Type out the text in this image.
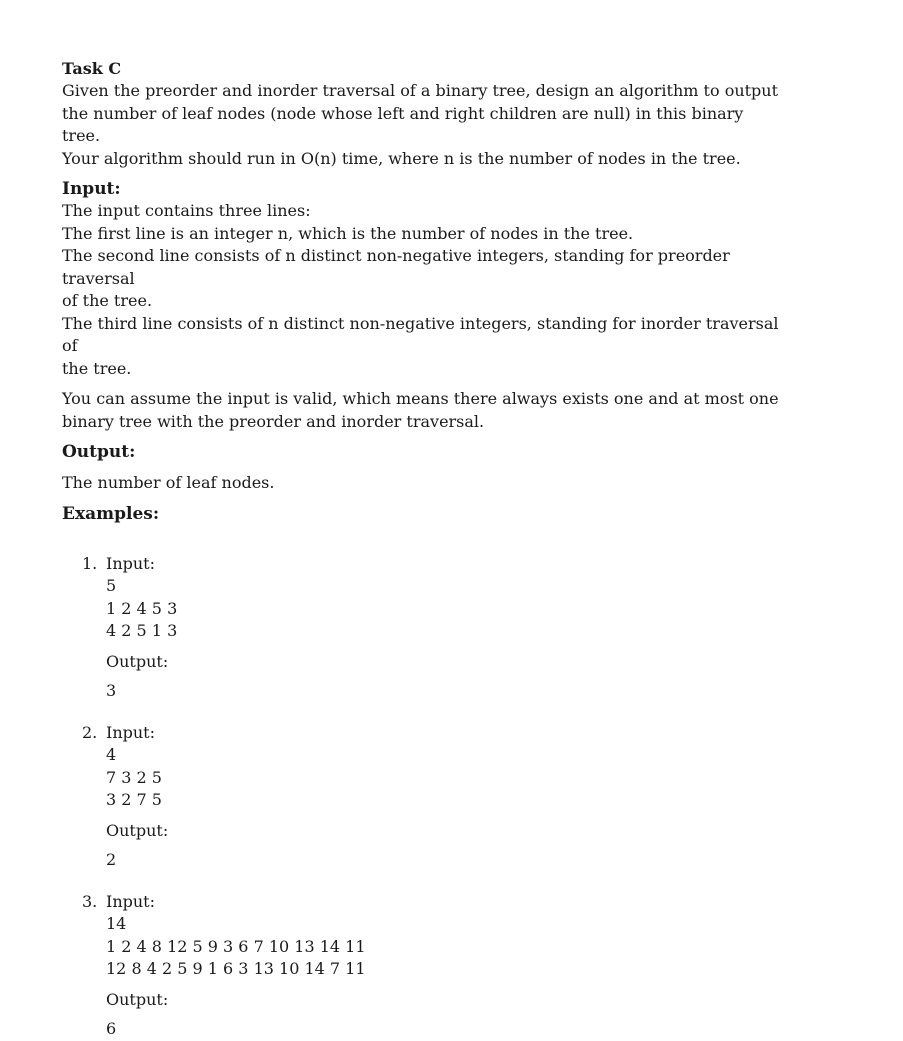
Task C

Given the preorder and inorder traversal of a binary tree, design an algorithm to output

the number of leaf nodes (node whose left and right children are null) in this binary tree.

Your algorithm should run in O(n) time, where n is the number of nodes in the tree.

Input:

The input contains three lines:

The first line is an integer n, which is the number of nodes in the tree.

The second line consists of n distinct non-negative integers, standing for preorder traversal

of the tree.

The third line consists of n distinct non-negative integers, standing for inorder traversal of

the tree.

You can assume the input is valid, which means there always exists one and at most one

binary tree with the preorder and inorder traversal.

Output:

The number of leaf nodes.

Examples:

1. Input:
5
1 2 4 5 3
4 2 5 1 3
Output:
3
2. Input:
4
7 3 2 5
3 2 7 5
Output:
2
3. Input:
14
1 2 4 8 12 5 9 3 6 7 10 13 14 11
12 8 4 2 5 9 1 6 3 13 10 14 7 11
Output:
6
